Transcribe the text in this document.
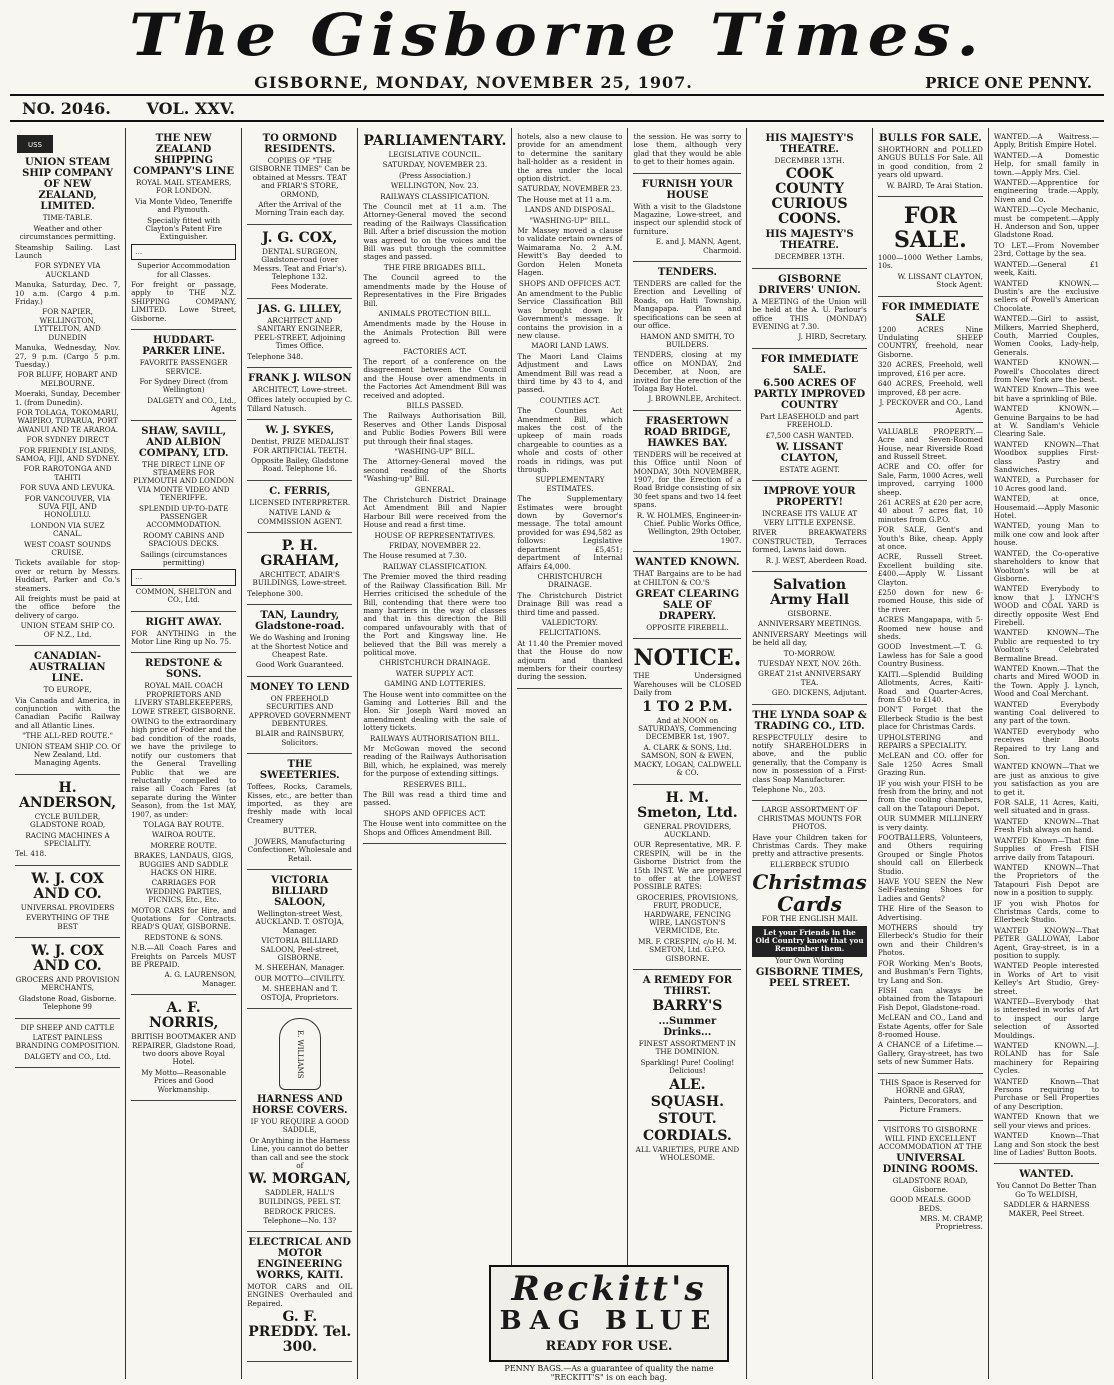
The Gisborne Times.
GISBORNE, MONDAY, NOVEMBER 25, 1907.	PRICE ONE PENNY.
NO. 2046. VOL. XXV.
USS
UNION STEAM SHIP COMPANY OF NEW ZEALAND, LIMITED.

TIME-TABLE.

Weather and other circumstances permitting.

Steamship Sailing. Last Launch

FOR SYDNEY VIA AUCKLAND

Manuka, Saturday, Dec. 7, 10 a.m. (Cargo 4 p.m. Friday.)

FOR NAPIER, WELLINGTON, LYTTELTON, AND DUNEDIN

Manuka, Wednesday, Nov. 27, 9 p.m. (Cargo 5 p.m. Tuesday.)

FOR BLUFF, HOBART AND MELBOURNE.

Moeraki, Sunday, December 1. (from Dunedin).

FOR TOLAGA, TOKOMARU, WAIPIRO, TUPARUA, PORT AWANUI AND TE ARAROA.

FOR SYDNEY DIRECT

FOR FRIENDLY ISLANDS, SAMOA, FIJI, AND SYDNEY.

FOR RAROTONGA AND TAHITI

FOR SUVA AND LEVUKA.

FOR VANCOUVER, VIA SUVA FIJI, AND HONOLULU.

LONDON VIA SUEZ CANAL.

WEST COAST SOUNDS CRUISE.

Tickets available for stop-over or return by Messrs. Huddart, Parker and Co.'s steamers.

All freights must be paid at the office before the delivery of cargo.

UNION STEAM SHIP CO. OF N.Z., Ltd.

CANADIAN-AUSTRALIAN LINE.

TO EUROPE,

Via Canada and America, in conjunction with the Canadian Pacific Railway and all Atlantic Lines.

"THE ALL-RED ROUTE."

UNION STEAM SHIP CO. Of New Zealand, Ltd. Managing Agents.

H. ANDERSON,

CYCLE BUILDER, GLADSTONE ROAD,

RACING MACHINES A SPECIALITY.

Tel. 418.

W. J. COX AND CO.

UNIVERSAL PROVIDERS

EVERYTHING OF THE BEST

W. J. COX AND CO.

GROCERS AND PROVISION MERCHANTS,

Gladstone Road, Gisborne. Telephone 99

DIP SHEEP AND CATTLE

LATEST PAINLESS BRANDING COMPOSITION.

DALGETY and CO., Ltd.

THE NEW ZEALAND SHIPPING COMPANY'S LINE

ROYAL MAIL STEAMERS, FOR LONDON.

Via Monte Video, Teneriffe and Plymouth.

Specially fitted with Clayton's Patent Fire Extinguisher.

…

Superior Accommodation for all Classes.

For freight or passage, apply to THE N.Z. SHIPPING COMPANY, LIMITED. Lowe Street, Gisborne.

HUDDART-PARKER LINE.

FAVORITE PASSENGER SERVICE.

For Sydney Direct (from Wellington)

DALGETY and CO., Ltd., Agents

SHAW, SAVILL, AND ALBION COMPANY, LTD.

THE DIRECT LINE OF STEAMERS FOR PLYMOUTH AND LONDON VIA MONTE VIDEO AND TENERIFFE.

SPLENDID UP-TO-DATE PASSENGER ACCOMMODATION.

ROOMY CABINS AND SPACIOUS DECKS.

Sailings (circumstances permitting)

…

COMMON, SHELTON and CO., Ltd.

RIGHT AWAY.

FOR ANYTHING in the Motor Line Ring up No. 75.

REDSTONE & SONS.

ROYAL MAIL COACH PROPRIETORS AND LIVERY STABLEKEEPERS, LOWE STREET, GISBORNE.

OWING to the extraordinary high price of Fodder and the bad condition of the roads, we have the privilege to notify our customers that the General Travelling Public that we are reluctantly compelled to raise all Coach Fares (at separate during the Winter Season), from the 1st MAY, 1907, as under:

TOLAGA BAY ROUTE.

WAIROA ROUTE.

MORERE ROUTE.

BRAKES, LANDAUS, GIGS, BUGGIES AND SADDLE HACKS ON HIRE.

CARRIAGES FOR WEDDING PARTIES, PICNICS, Etc., Etc.

MOTOR CARS for Hire, and Quotations for Contracts. READ'S QUAY, GISBORNE.

REDSTONE & SONS.

N.B.—All Coach Fares and Freights on Parcels MUST BE PREPAID.

A. G. LAURENSON, Manager.

A. F. NORRIS,

BRITISH BOOTMAKER AND REPAIRER, Gladstone Road, two doors above Royal Hotel.

My Motto—Reasonable Prices and Good Workmanship.

TO ORMOND RESIDENTS.

COPIES OF "THE GISBORNE TIMES" Can be obtained at Messrs. TEAT and FRIAR'S STORE, ORMOND,

After the Arrival of the Morning Train each day.

J. G. COX,

DENTAL SURGEON, Gladstone-road (over Messrs. Teat and Friar's). Telephone 132.

Fees Moderate.

JAS. G. LILLEY,

ARCHITECT AND SANITARY ENGINEER, PEEL-STREET, Adjoining Times Office.

Telephone 348.

FRANK J. WILSON

ARCHITECT, Lowe-street.

Offices lately occupied by C. Tillard Natusch.

W. J. SYKES,

Dentist, PRIZE MEDALIST FOR ARTIFICIAL TEETH.

Opposite Bailey, Gladstone Road. Telephone 16.

C. FERRIS,

LICENSED INTERPRETER.

NATIVE LAND & COMMISSION AGENT.

P. H. GRAHAM,

ARCHITECT, ADAIR'S BUILDINGS, Lowe-street.

Telephone 300.

TAN, Laundry, Gladstone-road.

We do Washing and Ironing at the Shortest Notice and Cheapest Rate.

Good Work Guaranteed.

MONEY TO LEND

ON FREEHOLD SECURITIES AND APPROVED GOVERNMENT DEBENTURES.

BLAIR and RAINSBURY, Solicitors.

THE SWEETERIES.

Toffees, Rocks, Caramels, Kisses, etc., are better than imported, as they are freshly made with local Creamery

BUTTER.

JOWERS, Manufacturing Confectioner, Wholesale and Retail.

VICTORIA BILLIARD SALOON,

Wellington-street West, AUCKLAND. T. OSTOJA, Manager.

VICTORIA BILLIARD SALOON, Peel-street, GISBORNE.

M. SHEEHAN, Manager.

OUR MOTTO—CIVILITY.

M. SHEEHAN and T. OSTOJA, Proprietors.

E. WILLIAMS
HARNESS AND HORSE COVERS.

IF YOU REQUIRE A GOOD SADDLE,

Or Anything in the Harness Line, you cannot do better than call and see the stock of

W. MORGAN,

SADDLER, HALL'S BUILDINGS, PEEL ST.

BEDROCK PRICES. Telephone—No. 13?

ELECTRICAL AND MOTOR ENGINEERING WORKS, KAITI.

MOTOR CARS and OIL ENGINES Overhauled and Repaired.

G. F. PREDDY. Tel. 300.
PARLIAMENTARY.

LEGISLATIVE COUNCIL.

SATURDAY, NOVEMBER 23.

(Press Association.)

WELLINGTON, Nov. 23.

RAILWAYS CLASSIFICATION.

The Council met at 11 a.m. The Attorney-General moved the second reading of the Railways Classification Bill. After a brief discussion the motion was agreed to on the voices and the Bill was put through the committee stages and passed.

THE FIRE BRIGADES BILL.

The Council agreed to the amendments made by the House of Representatives in the Fire Brigades Bill.

ANIMALS PROTECTION BILL.

Amendments made by the House in the Animals Protection Bill were agreed to.

FACTORIES ACT.

The report of a conference on the disagreement between the Council and the House over amendments in the Factories Act Amendment Bill was received and adopted.

BILLS PASSED.

The Railways Authorisation Bill, Reserves and Other Lands Disposal and Public Bodies Powers Bill were put through their final stages.

"WASHING-UP" BILL.

The Attorney-General moved the second reading of the Shorts "Washing-up" Bill.

GENERAL.

The Christchurch District Drainage Act Amendment Bill and Napier Harbour Bill were received from the House and read a first time.

HOUSE OF REPRESENTATIVES.

FRIDAY, NOVEMBER 22.

The House resumed at 7.30.

RAILWAY CLASSIFICATION.

The Premier moved the third reading of the Railway Classification Bill. Mr Herries criticised the schedule of the Bill, contending that there were too many barriers in the way of classes and that in this direction the Bill compared unfavourably with that of the Port and Kingsway line. He believed that the Bill was merely a political move.

CHRISTCHURCH DRAINAGE.

WATER SUPPLY ACT.

GAMING AND LOTTERIES.

The House went into committee on the Gaming and Lotteries Bill and the Hon. Sir Joseph Ward moved an amendment dealing with the sale of lottery tickets.

RAILWAYS AUTHORISATION BILL.

Mr McGowan moved the second reading of the Railways Authorisation Bill, which, he explained, was merely for the purpose of extending sittings.

RESERVES BILL.

The Bill was read a third time and passed.

SHOPS AND OFFICES ACT.

The House went into committee on the Shops and Offices Amendment Bill.

hotels, also a new clause to provide for an amendment to determine the sanitary hall-holder as a resident in the area under the local option district.

SATURDAY, NOVEMBER 23.

The House met at 11 a.m.

LANDS AND DISPOSAL.

"WASHING-UP" BILL.

Mr Massey moved a clause to validate certain owners of Waimarama No. 2 A.M. Hewitt's Bay deeded to Gordon Helen Moneta Hagen.

SHOPS AND OFFICES ACT.

An amendment to the Public Service Classification Bill was brought down by Government's message. It contains the provision in a new clause.

MAORI LAND LAWS.

The Maori Land Claims Adjustment and Laws Amendment Bill was read a third time by 43 to 4, and passed.

COUNTIES ACT.

The Counties Act Amendment Bill, which makes the cost of the upkeep of main roads chargeable to counties as a whole and costs of other roads in ridings, was put through.

SUPPLEMENTARY ESTIMATES.

The Supplementary Estimates were brought down by Governor's message. The total amount provided for was £94,582 as follows: Legislative department £5,451; department of Internal Affairs £4,000.

CHRISTCHURCH DRAINAGE.

The Christchurch District Drainage Bill was read a third time and passed.

VALEDICTORY.

FELICITATIONS.

At 11.40 the Premier moved that the House do now adjourn and thanked members for their courtesy during the session.

the session. He was sorry to lose them, although very glad that they would be able to get to their homes again.

FURNISH YOUR HOUSE

With a visit to the Gladstone Magazine, Lowe-street, and inspect our splendid stock of furniture.

E. and J. MANN, Agent, Charmoid.

TENDERS.

TENDERS are called for the Erection and Levelling of Roads, on Haiti Township, Mangapapa. Plan and specifications can be seen at our office.

HAMON AND SMITH, TO BUILDERS.

TENDERS, closing at my office on MONDAY, 2nd December, at Noon, are invited for the erection of the Tolaga Bay Hotel.

J. BROWNLEE, Architect.

FRASERTOWN ROAD BRIDGE, HAWKES BAY.

TENDERS will be received at this Office until Noon of MONDAY, 30th NOVEMBER, 1907, for the Erection of a Road Bridge consisting of six 30 feet spans and two 14 feet spans.

R. W. HOLMES, Engineer-in-Chief. Public Works Office, Wellington, 29th October, 1907.

WANTED KNOWN.

THAT Bargains are to be had at CHILTON & CO.'S

GREAT CLEARING SALE OF DRAPERY.

OPPOSITE FIREBELL.

NOTICE.

THE Undersigned Warehouses will be CLOSED Daily from

1 TO 2 P.M.

And at NOON on SATURDAYS, Commencing DECEMBER 1st, 1907.

A. CLARK & SONS, Ltd. SAMSON, SON & EWEN, MACKY, LOGAN, CALDWELL & CO.

H. M. Smeton, Ltd.

GENERAL PROVIDERS, AUCKLAND.

OUR Representative, MR. F. CRESPIN, will be in the Gisborne District from the 15th INST. We are prepared to offer at the LOWEST POSSIBLE RATES:

GROCERIES, PROVISIONS, FRUIT, PRODUCE, HARDWARE, FENCING WIRE, LANGSTON'S VERMICIDE, Etc.

MR. F. CRESPIN, c/o H. M. SMETON, Ltd. G.P.O. GISBORNE.

A REMEDY FOR THIRST.
BARRY'S
...Summer Drinks...

FINEST ASSORTMENT IN THE DOMINION.

Sparkling! Pure! Cooling! Delicious!

ALE.
SQUASH.
STOUT.
CORDIALS.

ALL VARIETIES, PURE AND WHOLESOME.

HIS MAJESTY'S THEATRE.

DECEMBER 13TH.

COOK COUNTY CURIOUS COONS.
HIS MAJESTY'S THEATRE.

DECEMBER 13TH.

GISBORNE DRIVERS' UNION.

A MEETING of the Union will be held at the A. U. Parlour's office THIS (MONDAY) EVENING at 7.30.

J. HIRD, Secretary.

FOR IMMEDIATE SALE.
6.500 ACRES OF PARTLY IMPROVED COUNTRY

Part LEASEHOLD and part FREEHOLD.

£7,500 CASH WANTED.

W. LISSANT CLAYTON,

ESTATE AGENT.

IMPROVE YOUR PROPERTY!

INCREASE ITS VALUE AT VERY LITTLE EXPENSE.

RIVER BREAKWATERS CONSTRUCTED, Terraces formed, Lawns laid down.

R. J. WEST, Aberdeen Road.

Salvation Army Hall

GISBORNE.

ANNIVERSARY MEETINGS.

ANNIVERSARY Meetings will be held all day,

TO-MORROW.

TUESDAY NEXT, NOV. 26th.

GREAT 21st ANNIVERSARY TEA.

GEO. DICKENS, Adjutant.

THE LYNDA SOAP & TRADING CO., LTD.

RESPECTFULLY desire to notify SHAREHOLDERS in above, and the public generally, that the Company is now in possession of a First-class Soap Manufacturer.

Telephone No., 203.

LARGE ASSORTMENT OF CHRISTMAS MOUNTS FOR PHOTOS.

Have your Children taken for Christmas Cards. They make pretty and attractive presents.

ELLERBECK STUDIO

Christmas Cards

FOR THE ENGLISH MAIL

Let your Friends in the Old Country know that you Remember them.

Your Own Wording

GISBORNE TIMES, PEEL STREET.
BULLS FOR SALE.

SHORTHORN and POLLED ANGUS BULLS For Sale. All in good condition, from 2 years old upward.

W. BAIRD, Te Arai Station.

FOR SALE.

1000—1000 Wether Lambs, 10s.

W. LISSANT CLAYTON, Stock Agent.

FOR IMMEDIATE SALE

1200 ACRES Nine Undulating SHEEP COUNTRY, freehold, near Gisborne.

320 ACRES, Freehold, well improved, £16 per acre.

640 ACRES, Freehold, well improved, £8 per acre.

J. PECKOVER and CO., Land Agents.

VALUABLE PROPERTY.—Acre and Seven-Roomed House, near Riverside Road and Russell Street.

ACRE and CO. offer for Sale, Farm, 1000 Acres, well improved, carrying 1000 sheep.

261 ACRES at £20 per acre, 40 about 7 acres flat, 10 minutes from G.P.O.

FOR SALE, Gent's and Youth's Bike, cheap. Apply at once.

ACRE, Russell Street. Excellent building site. £400.—Apply W. Lissant Clayton.

£250 down for new 6-roomed House, this side of the river.

ACRES Mangapapa, with 5-Roomed new house and sheds.

GOOD Investment.—T. G. Lawless has for Sale a good Country Business.

KAITI.—Splendid Building Allotments, Acres, Kaiti-Road and Quarter-Acres, from £50 to £140.

DON'T Forget that the Ellerbeck Studio is the best place for Christmas Cards.

UPHOLSTERING and REPAIRS a SPECIALITY.

McLEAN and CO. offer for Sale 1250 Acres Small Grazing Run.

IF you wish your FISH to be fresh from the briny, and not from the cooling chambers, call on the Tatapouri Depot.

OUR SUMMER MILLINERY is very dainty.

FOOTBALLERS, Volunteers, and Others requiring Grouped or Single Photos should call on Ellerbeck Studio.

HAVE YOU SEEN the New Self-Fastening Shoes for Ladies and Gents?

THE Hire of the Season to Advertising.

MOTHERS should try Ellerbeck's Studio for their own and their Children's Photos.

FOR Working Men's Boots, and Bushman's Fern Tights, try Lang and Son.

FISH can always be obtained from the Tatapouri Fish Depot, Gladstone-road.

McLEAN and CO., Land and Estate Agents, offer for Sale 8-roomed House.

A CHANCE of a Lifetime.—Gallery, Gray-street, has two sets of new Summer Hats.

THIS Space is Reserved for HORNE and GRAY,

Painters, Decorators, and Picture Framers.

VISITORS TO GISBORNE WILL FIND EXCELLENT ACCOMMODATION AT THE

UNIVERSAL DINING ROOMS.

GLADSTONE ROAD, Gisborne.

GOOD MEALS. GOOD BEDS.

MRS. M. CRAMP, Proprietress.

WANTED.—A Waitress.—Apply, British Empire Hotel.

WANTED.—A Domestic Help, for small family in town.—Apply Mrs. Ciel.

WANTED.—Apprentice for engineering trade.—Apply, Niven and Co.

WANTED.—Cycle Mechanic, must be competent.—Apply H. Anderson and Son, upper Gladstone Road.

TO LET.—From November 23rd, Cottage by the sea.

WANTED.—General £1 week, Kaiti.

WANTED KNOWN.—Dustin's are the exclusive sellers of Powell's American Chocolate.

WANTED.—Girl to assist, Milkers, Married Shepherd, Couth, Married Couples, Women Cooks, Lady-help, Generals.

WANTED KNOWN.—Powell's Chocolates direct from New York are the best.

WANTED Known—This wee bit have a sprinkling of Bile.

WANTED KNOWN.—Genuine Bargains to be had at W. Sandlam's Vehicle Clearing Sale.

WANTED KNOWN—That Woodbox supplies First-class Pastry and Sandwiches.

WANTED, a Purchaser for 10 Acres good land.

WANTED, at once, Housemaid.—Apply Masonic Hotel.

WANTED, young Man to milk one cow and look after house.

WANTED, the Co-operative shareholders to know that Woolton's will be at Gisborne.

WANTED Everybody to know that J. LYNCH'S WOOD and COAL YARD is directly opposite West End Firebell.

WANTED KNOWN—The Public are requested to try Woolton's Celebrated Bermaline Bread.

WANTED Known.—That the charts and Mired WOOD in the Town. Apply J. Lynch, Wood and Coal Merchant.

WANTED Everybody wanting Coal delivered to any part of the town.

WANTED everybody who receives their Boots Repaired to try Lang and Son.

WANTED KNOWN—That we are just as anxious to give you satisfaction as you are to get it.

FOR SALE, 11 Acres, Kaiti, well situated and in grass.

WANTED KNOWN—That Fresh Fish always on hand.

WANTED Known—That fine Supplies of Fresh FISH arrive daily from Tatapouri.

WANTED KNOWN—That the Proprietors of the Tatapouri Fish Depot are now in a position to supply.

IF you wish Photos for Christmas Cards, come to Ellerbeck Studio.

WANTED KNOWN—That PETER GALLOWAY, Labor Agent, Gray-street, is in a position to supply.

WANTED People interested in Works of Art to visit Kelley's Art Studio, Grey-street.

WANTED—Everybody that is interested in works of Art to inspect our large selection of Assorted Mouldings.

WANTED KNOWN.—J. ROLAND has for Sale machinery for Repairing Cycles.

WANTED Known—That Persons requiring to Purchase or Sell Properties of any Description.

WANTED Known that we sell your views and prices.

WANTED Known—That Lang and Son stock the best line of Ladies' Button Boots.

WANTED.

You Cannot Do Better Than Go To WELDISH,

SADDLER & HARNESS MAKER, Peel Street.

Reckitt's
BAG BLUE
READY FOR USE.

PENNY BAGS.—As a guarantee of quality the name "RECKITT'S" is on each bag.
